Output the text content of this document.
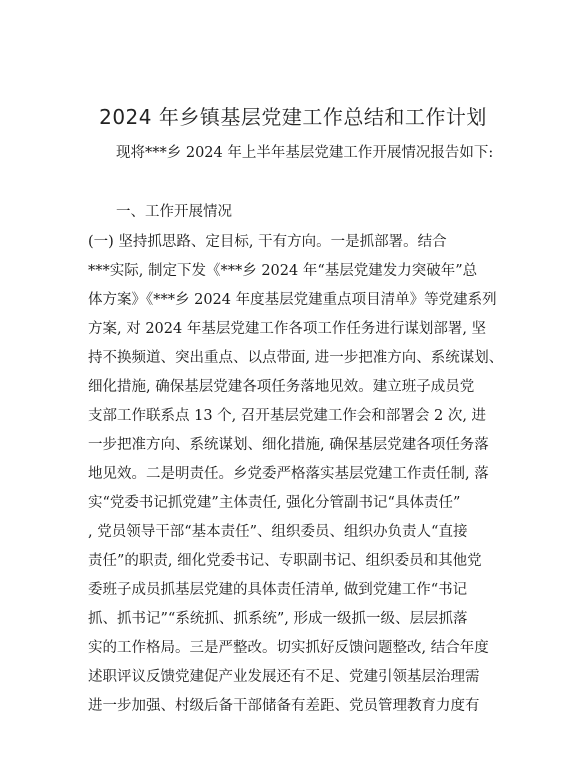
2024 年乡镇基层党建工作总结和工作计划
现将***乡 2024 年上半年基层党建工作开展情况报告如下:
一、工作开展情况
(一) 坚持抓思路、定目标, 干有方向。一是抓部署。结合
***实际, 制定下发《***乡 2024 年“基层党建发力突破年”总
体方案》《***乡 2024 年度基层党建重点项目清单》等党建系列
方案, 对 2024 年基层党建工作各项工作任务进行谋划部署, 坚
持不换频道、突出重点、以点带面, 进一步把准方向、系统谋划、
细化措施, 确保基层党建各项任务落地见效。建立班子成员党
支部工作联系点 13 个, 召开基层党建工作会和部署会 2 次, 进
一步把准方向、系统谋划、细化措施, 确保基层党建各项任务落
地见效。二是明责任。乡党委严格落实基层党建工作责任制, 落
实“党委书记抓党建”主体责任, 强化分管副书记“具体责任”
, 党员领导干部“基本责任”、组织委员、组织办负责人“直接
责任”的职责, 细化党委书记、专职副书记、组织委员和其他党
委班子成员抓基层党建的具体责任清单, 做到党建工作“书记
抓、抓书记”“系统抓、抓系统”, 形成一级抓一级、层层抓落
实的工作格局。三是严整改。切实抓好反馈问题整改, 结合年度
述职评议反馈党建促产业发展还有不足、党建引领基层治理需
进一步加强、村级后备干部储备有差距、党员管理教育力度有
